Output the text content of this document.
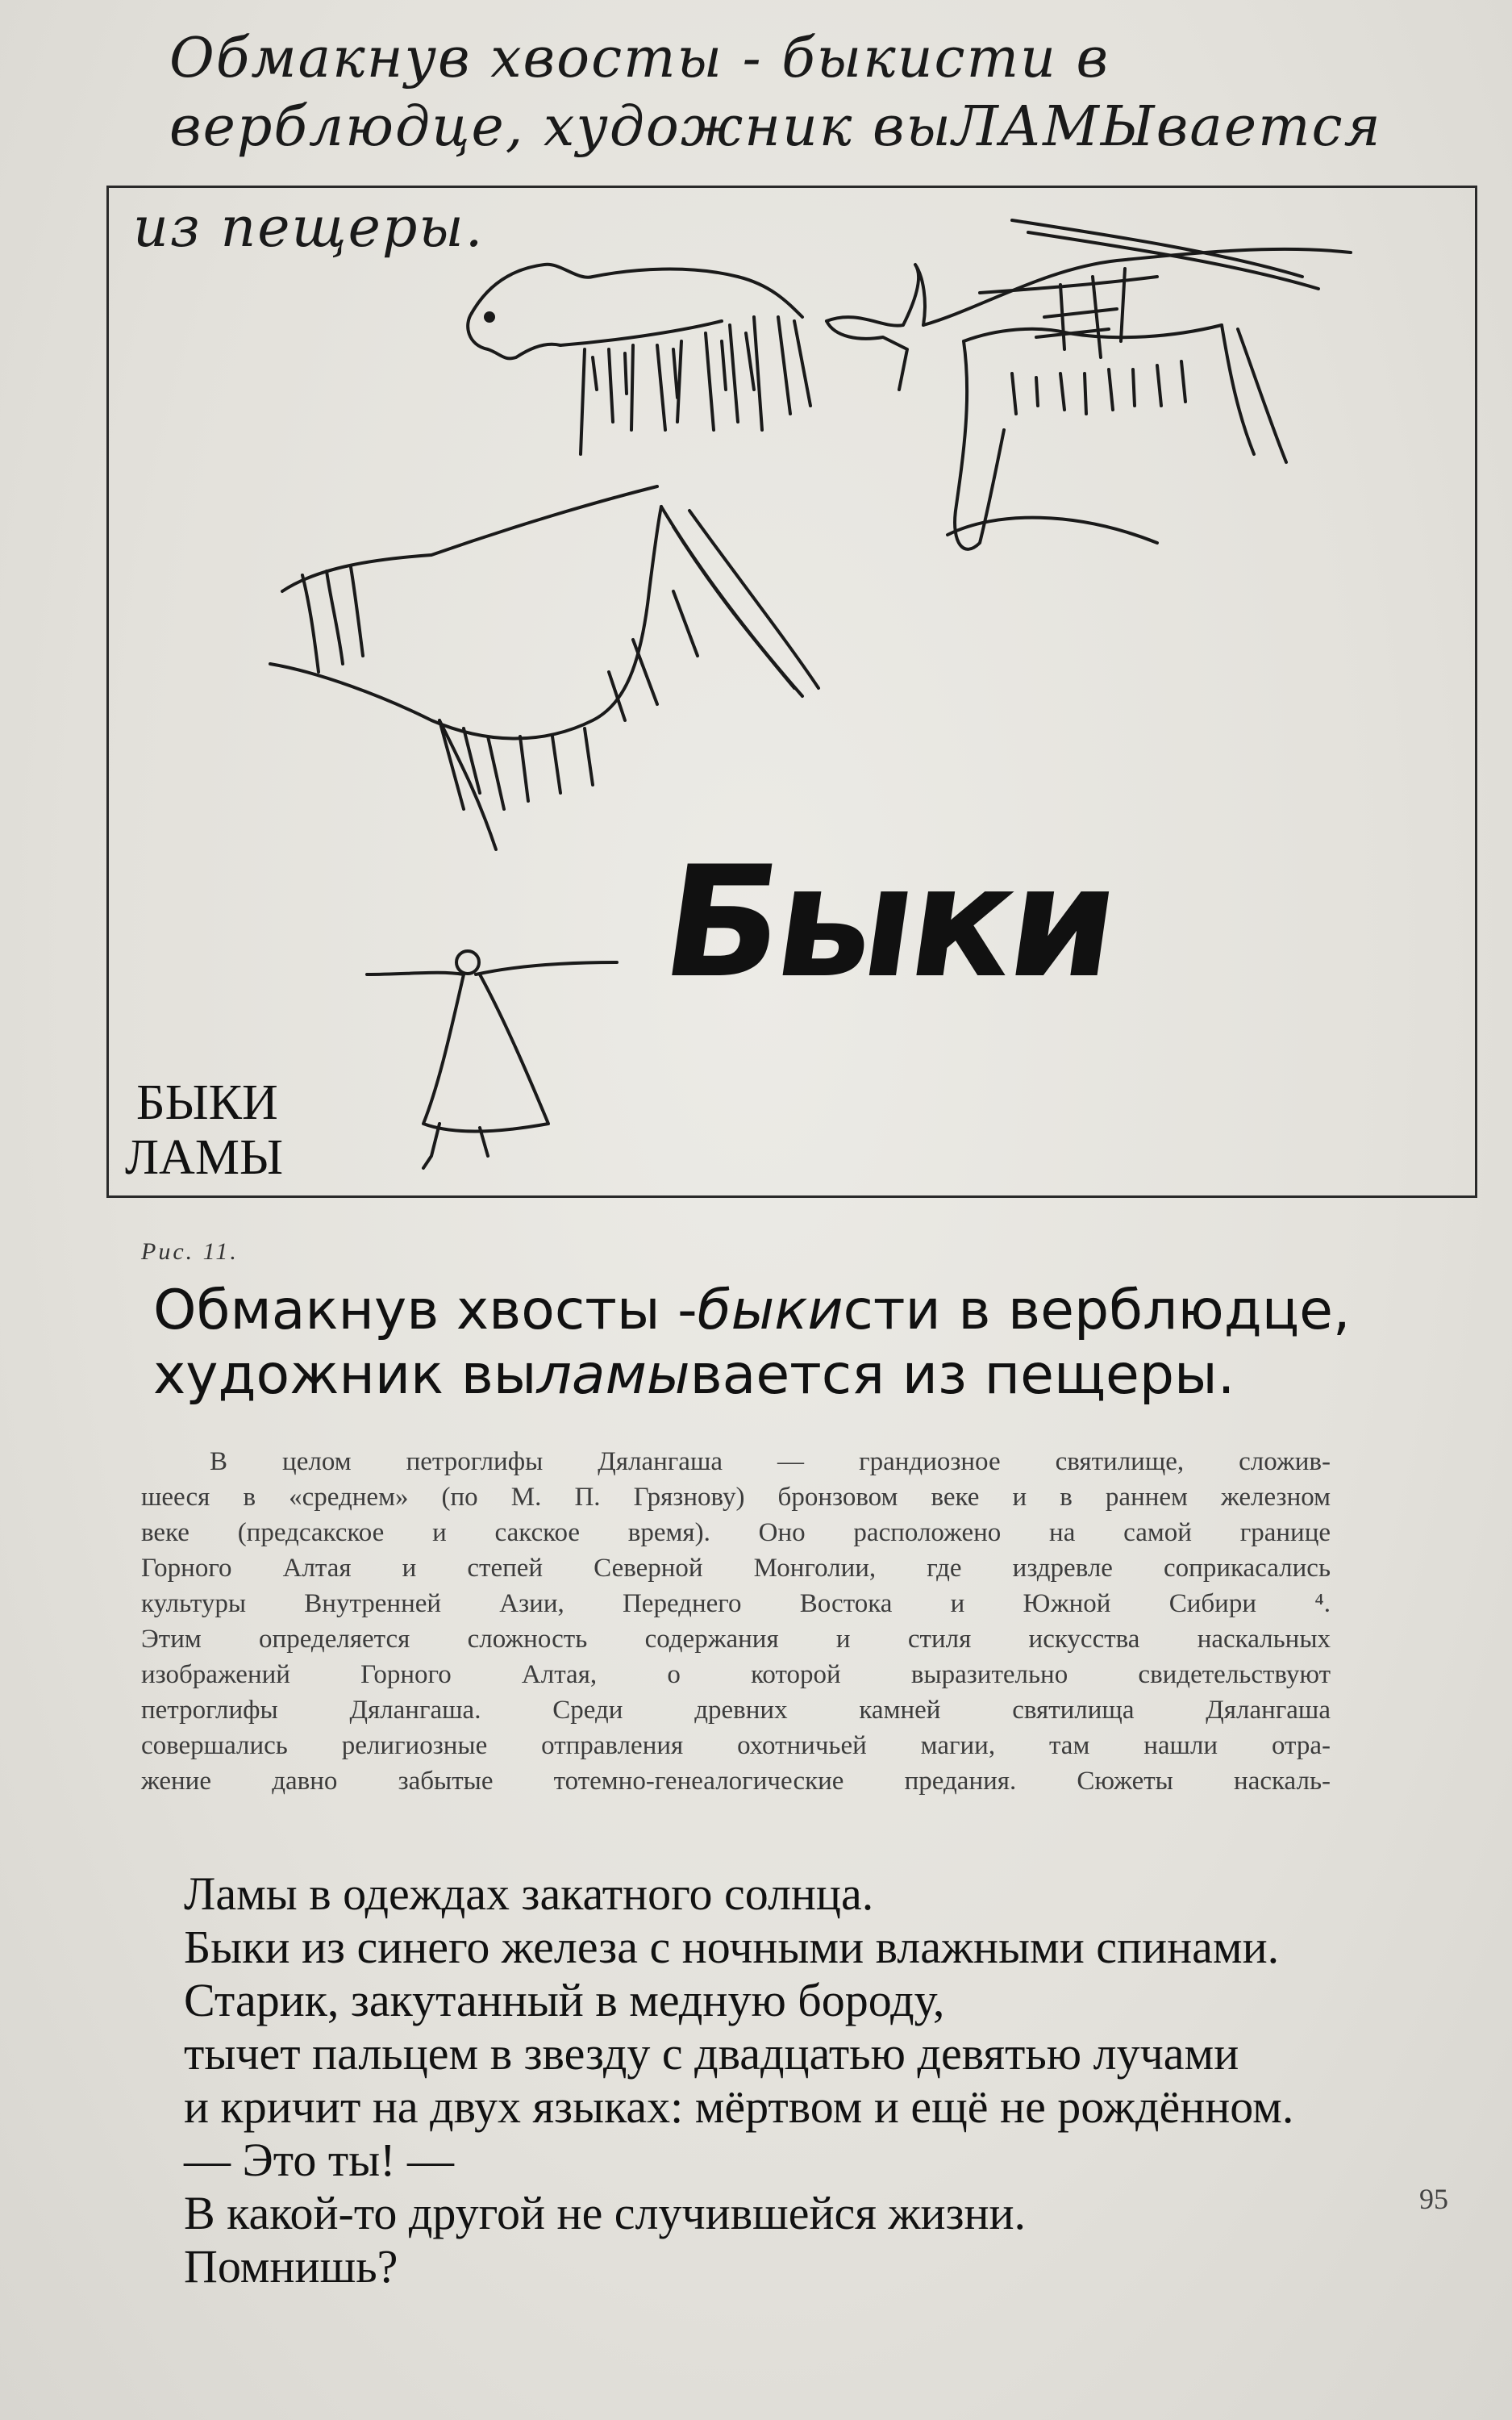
Обмакнув хвосты - быкисти в
верблюдце, художник выЛАМЫвается
Быки
БЫКИ
ЛАМЫ
из пещеры.
Рис. 11.
Обмакнув хвосты -быкисти в верблюдце,
художник выламывается из пещеры.
В целом петроглифы Дялангаша — грандиозное святилище, сложив-
шееся в «среднем» (по М. П. Грязнову) бронзовом веке и в раннем железном
веке (предсакское и сакское время). Оно расположено на самой границе
Горного Алтая и степей Северной Монголии, где издревле соприкасались
культуры Внутренней Азии, Переднего Востока и Южной Сибири ⁴.
Этим определяется сложность содержания и стиля искусства наскальных
изображений Горного Алтая, о которой выразительно свидетельствуют
петроглифы Дялангаша. Среди древних камней святилища Дялангаша
совершались религиозные отправления охотничьей магии, там нашли отра-
жение давно забытые тотемно-генеалогические предания. Сюжеты наскаль-
Ламы в одеждах закатного солнца.
Быки из синего железа с ночными влажными спинами.
Старик, закутанный в медную бороду,
тычет пальцем в звезду с двадцатью девятью лучами
и кричит на двух языках: мёртвом и ещё не рождённом.
— Это ты! —
В какой-то другой не случившейся жизни.
Помнишь?
95
